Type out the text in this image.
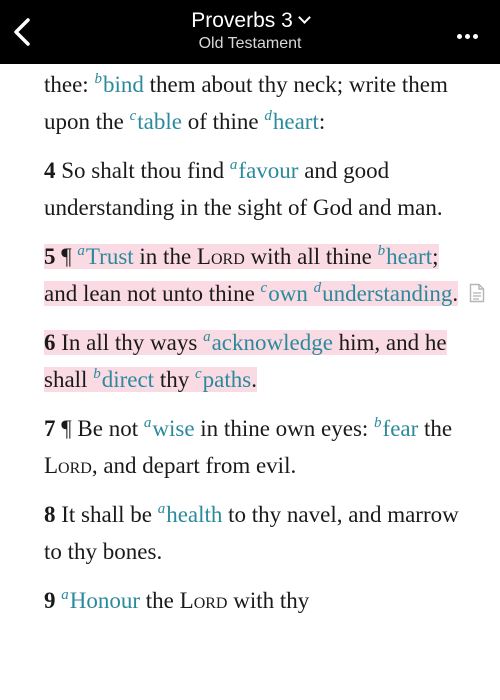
Proverbs 3
Old Testament

thee: $^b$bind them about thy neck; write them upon the $^c$table of thine $^d$heart:

4 So shalt thou find $^a$favour and good understanding in the sight of God and man.

5 ¶ $^a$Trust in the Lord with all thine $^b$heart; and lean not unto thine $^c$own $^d$understanding.

6 In all thy ways $^a$acknowledge him, and he shall $^b$direct thy $^c$paths.

7 ¶ Be not $^a$wise in thine own eyes: $^b$fear the Lord, and depart from evil.

8 It shall be $^a$health to thy navel, and marrow to thy bones.

9 $^a$Honour the Lord with thy
